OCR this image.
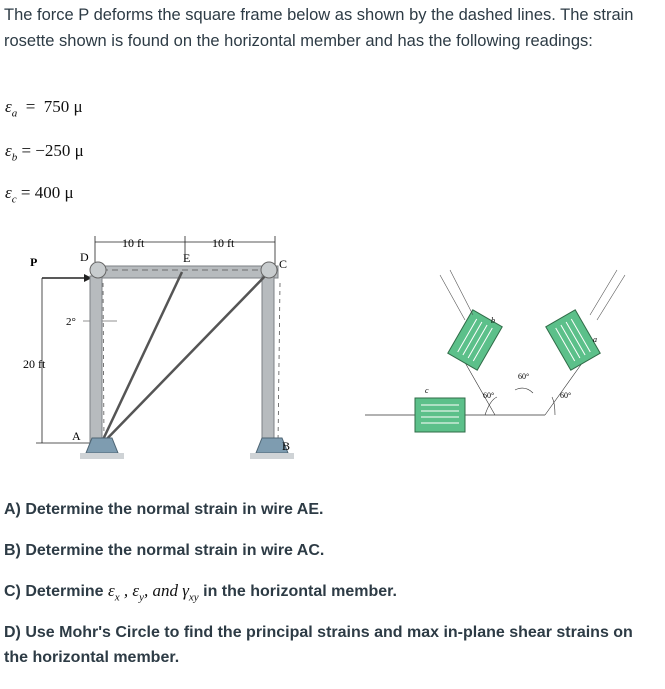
The force P deforms the square frame below as shown by the dashed lines. The strain rosette shown is found on the horizontal member and has the following readings:
$\varepsilon_a = 750$ μ
$\varepsilon_b = -250$ μ
$\varepsilon_c = 400$ μ
10 ft	10 ft
P
20 ft
2°
D	E	C
A
B
c
60°
60°
60°
b
a
A) Determine the normal strain in wire AE.
B) Determine the normal strain in wire AC.
C) Determine $\varepsilon_x$ , $\varepsilon_y$, and $\gamma_{xy}$ in the horizontal member.
D) Use Mohr's Circle to find the principal strains and max in-plane shear strains on the horizontal member.
